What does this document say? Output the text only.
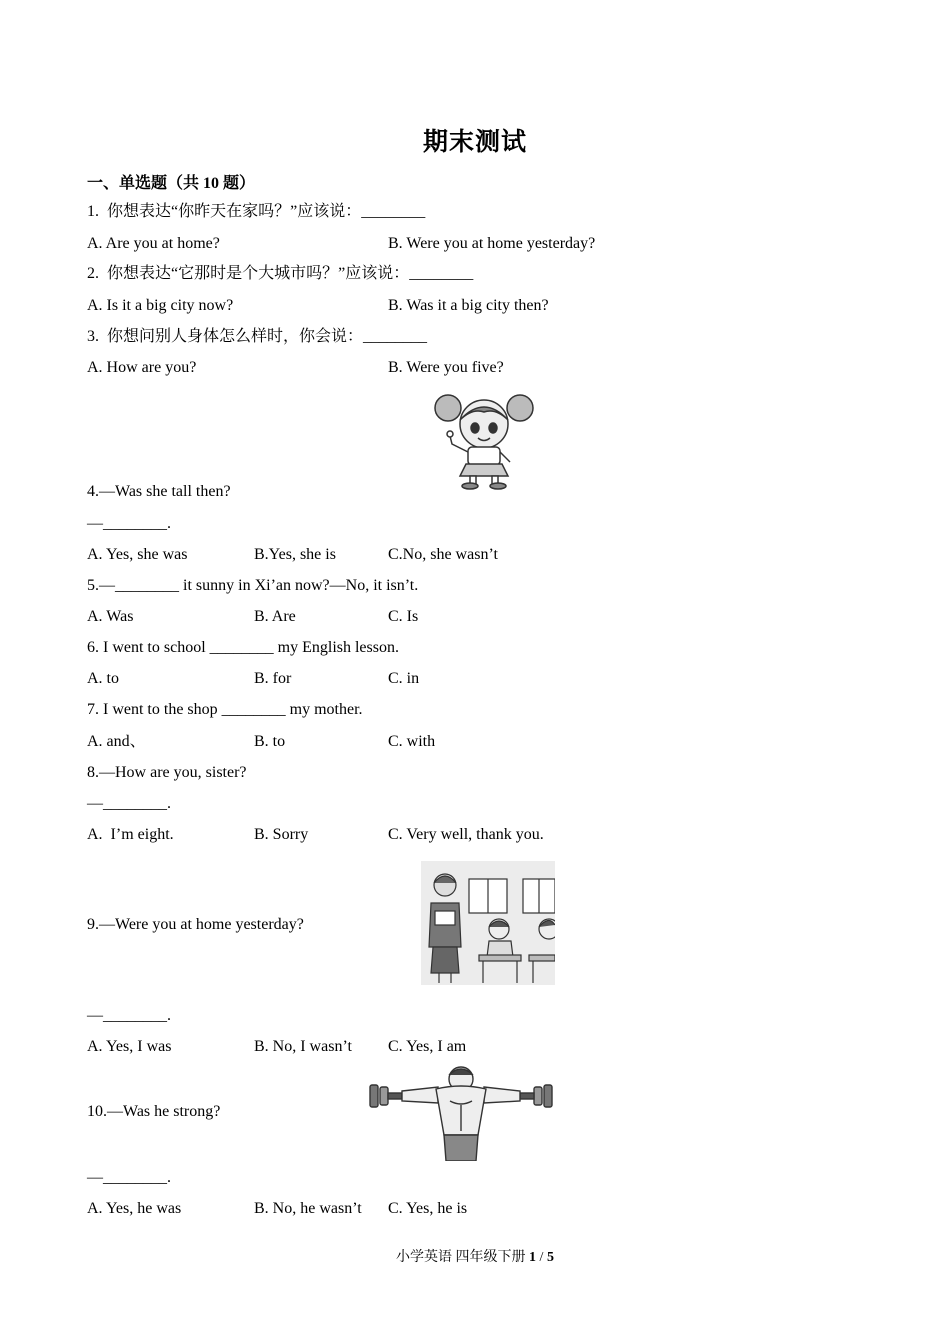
期末测试
一、单选题（共 10 题）
1.  你想表达“你昨天在家吗？”应该说：________
A. Are you at home?	B. Were you at home yesterday?
2.  你想表达“它那时是个大城市吗？”应该说：________
A. Is it a big city now?	B. Was it a big city then?
3.  你想问别人身体怎么样时，你会说：________
A. How are you?	B. Were you five?
4.—Was she tall then?
—________.
A. Yes, she was	B.Yes, she is	C.No, she wasn’t
5.—________ it sunny in Xi’an now?—No, it isn’t.
A. Was	B. Are	C. Is
6. I went to school ________ my English lesson.
A. to	B. for	C. in
7. I went to the shop ________ my mother.
A. and、	B. to	C. with
8.—How are you, sister?
—________.
A.  I’m eight.	B. Sorry	C. Very well, thank you.
9.—Were you at home yesterday?
—________.
A. Yes, I was	B. No, I wasn’t C. Yes, I am
10.—Was he strong?
—________.
A. Yes, he was	B. No, he wasn’t C. Yes, he is
小学英语 四年级下册 1 / 5
